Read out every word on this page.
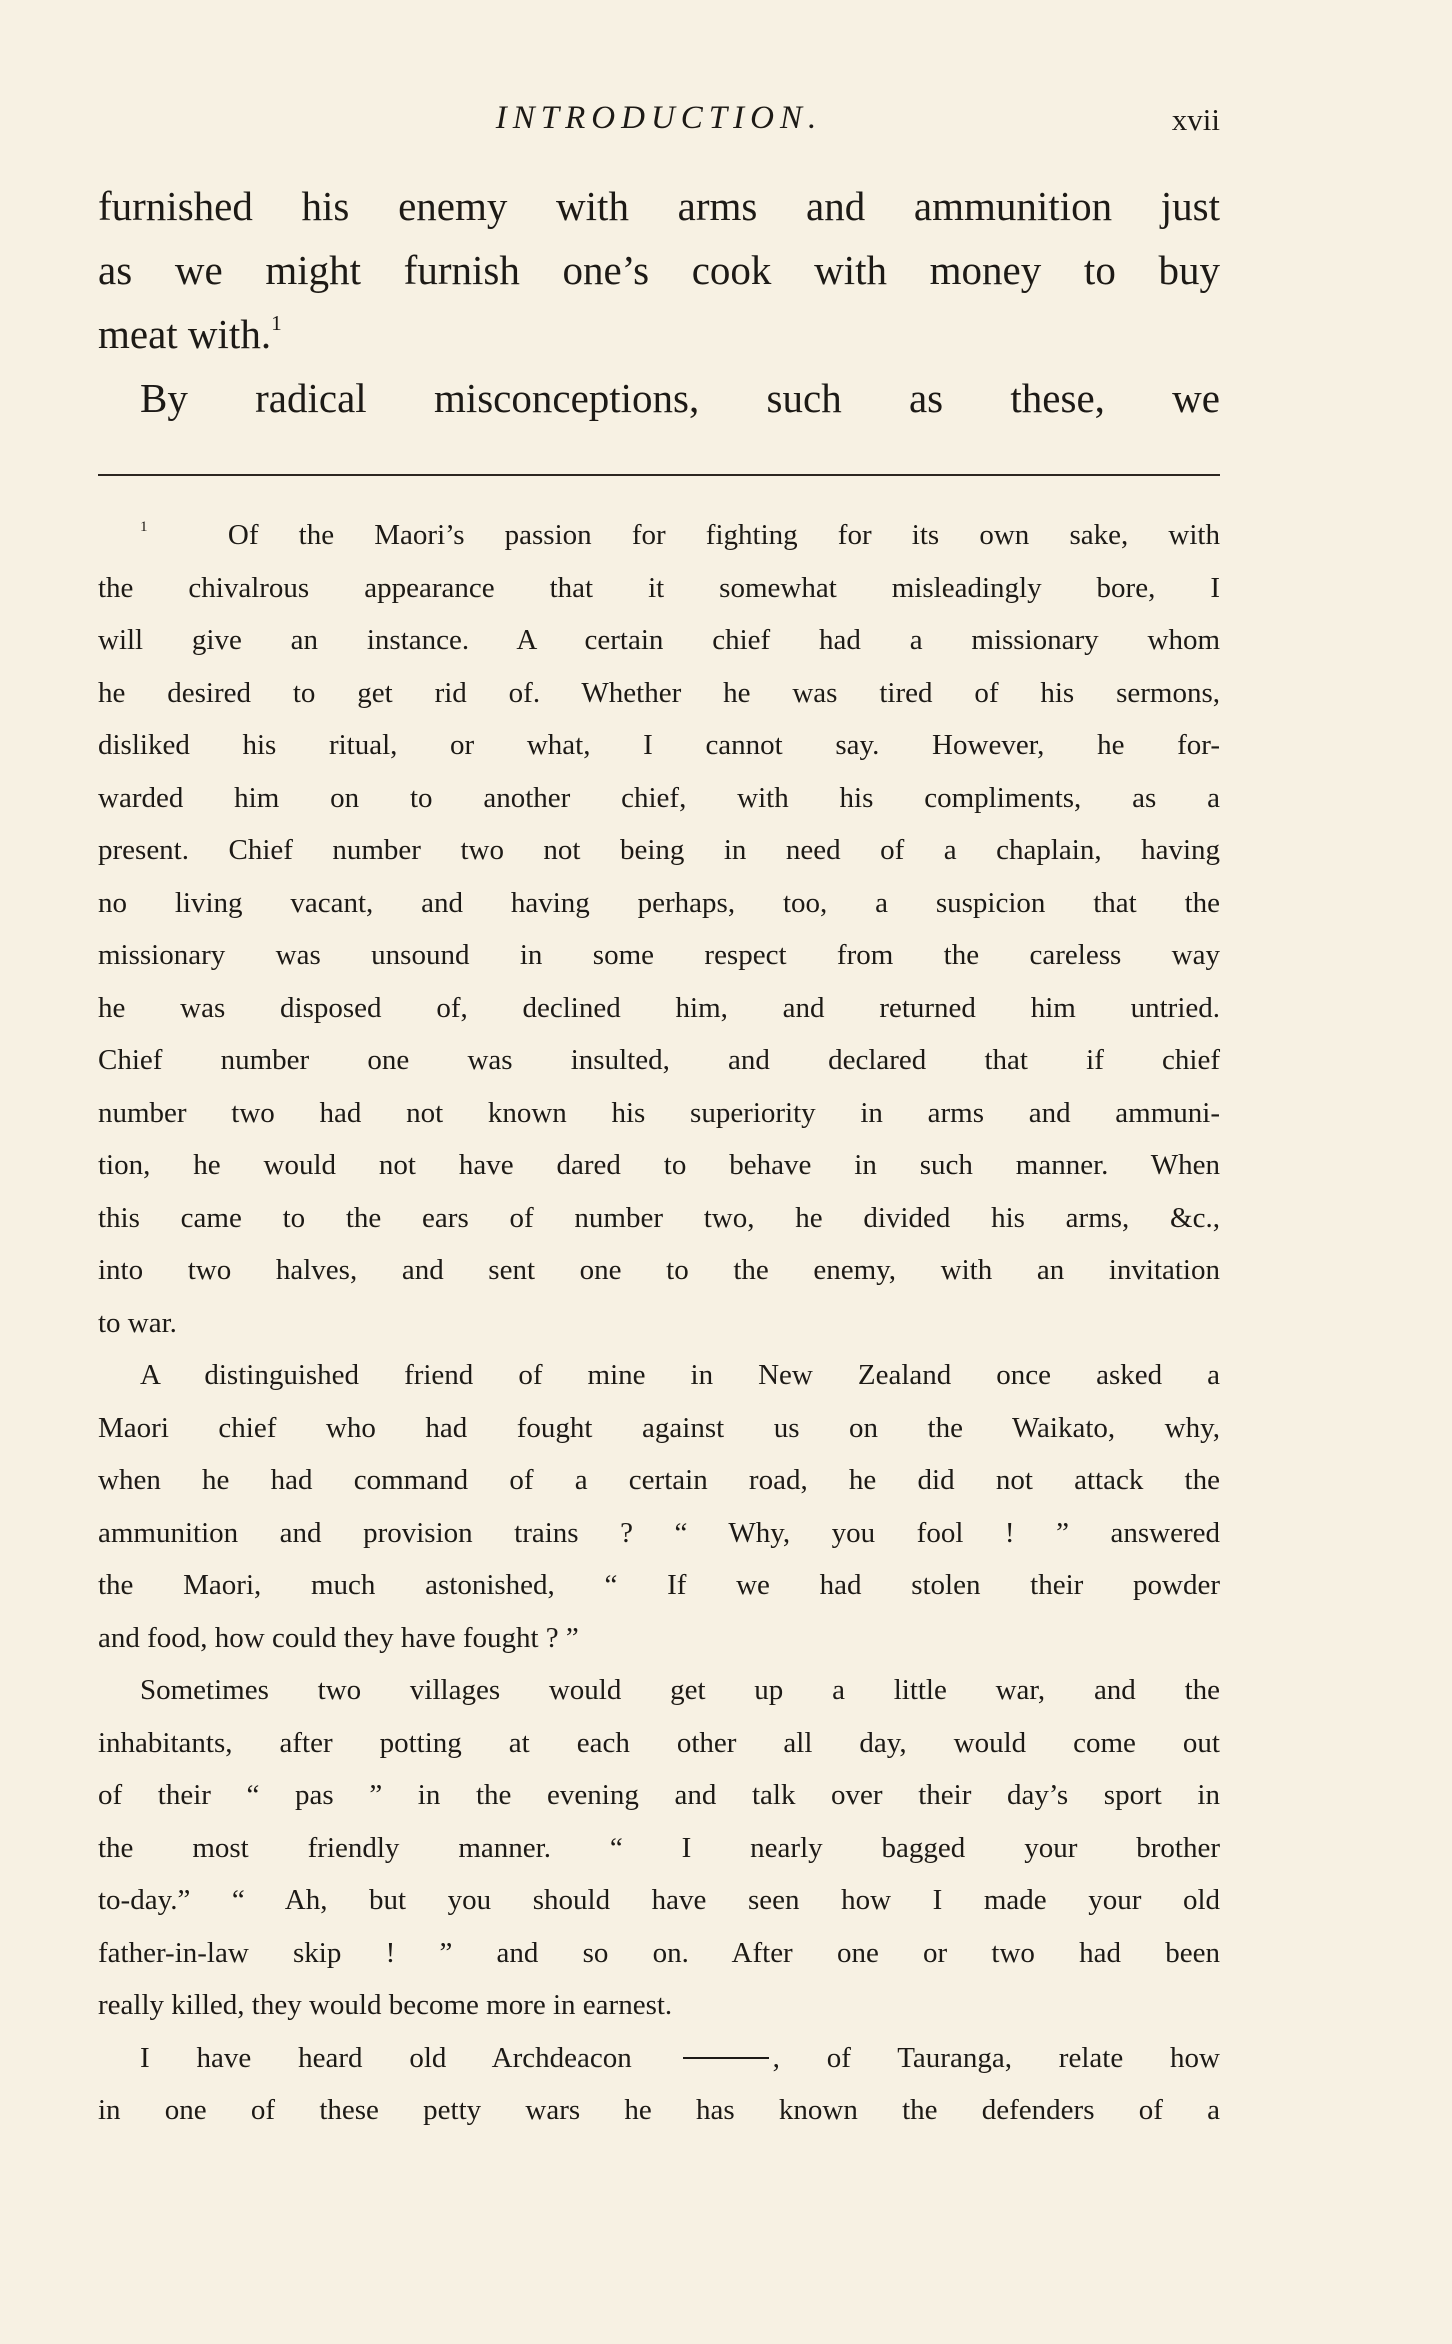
INTRODUCTION.	xvii
furnished his enemy with arms and ammunition just
as we might furnish one’s cook with money to buy
meat with.$^1$
By radical misconceptions, such as these, we
$^1$	Of the Maori’s passion for fighting for its own sake, with
the chivalrous appearance that it somewhat misleadingly bore, I
will give an instance. A certain chief had a missionary whom
he desired to get rid of. Whether he was tired of his sermons,
disliked his ritual, or what, I cannot say. However, he for-
warded him on to another chief, with his compliments, as a
present. Chief number two not being in need of a chaplain, having
no living vacant, and having perhaps, too, a suspicion that the
missionary was unsound in some respect from the careless way
he was disposed of, declined him, and returned him untried.
Chief number one was insulted, and declared that if chief
number two had not known his superiority in arms and ammuni-
tion, he would not have dared to behave in such manner. When
this came to the ears of number two, he divided his arms, &c.,
into two halves, and sent one to the enemy, with an invitation
to war.
A distinguished friend of mine in New Zealand once asked a
Maori chief who had fought against us on the Waikato, why,
when he had command of a certain road, he did not attack the
ammunition and provision trains ? “ Why, you fool ! ” answered
the Maori, much astonished, “ If we had stolen their powder
and food, how could they have fought ? ”
Sometimes two villages would get up a little war, and the
inhabitants, after potting at each other all day, would come out
of their “ pas ” in the evening and talk over their day’s sport in
the most friendly manner. “ I nearly bagged your brother
to-day.” “ Ah, but you should have seen how I made your old
father-in-law skip ! ” and so on. After one or two had been
really killed, they would become more in earnest.
I have heard old Archdeacon	, of Tauranga, relate how
in one of these petty wars he has known the defenders of a
